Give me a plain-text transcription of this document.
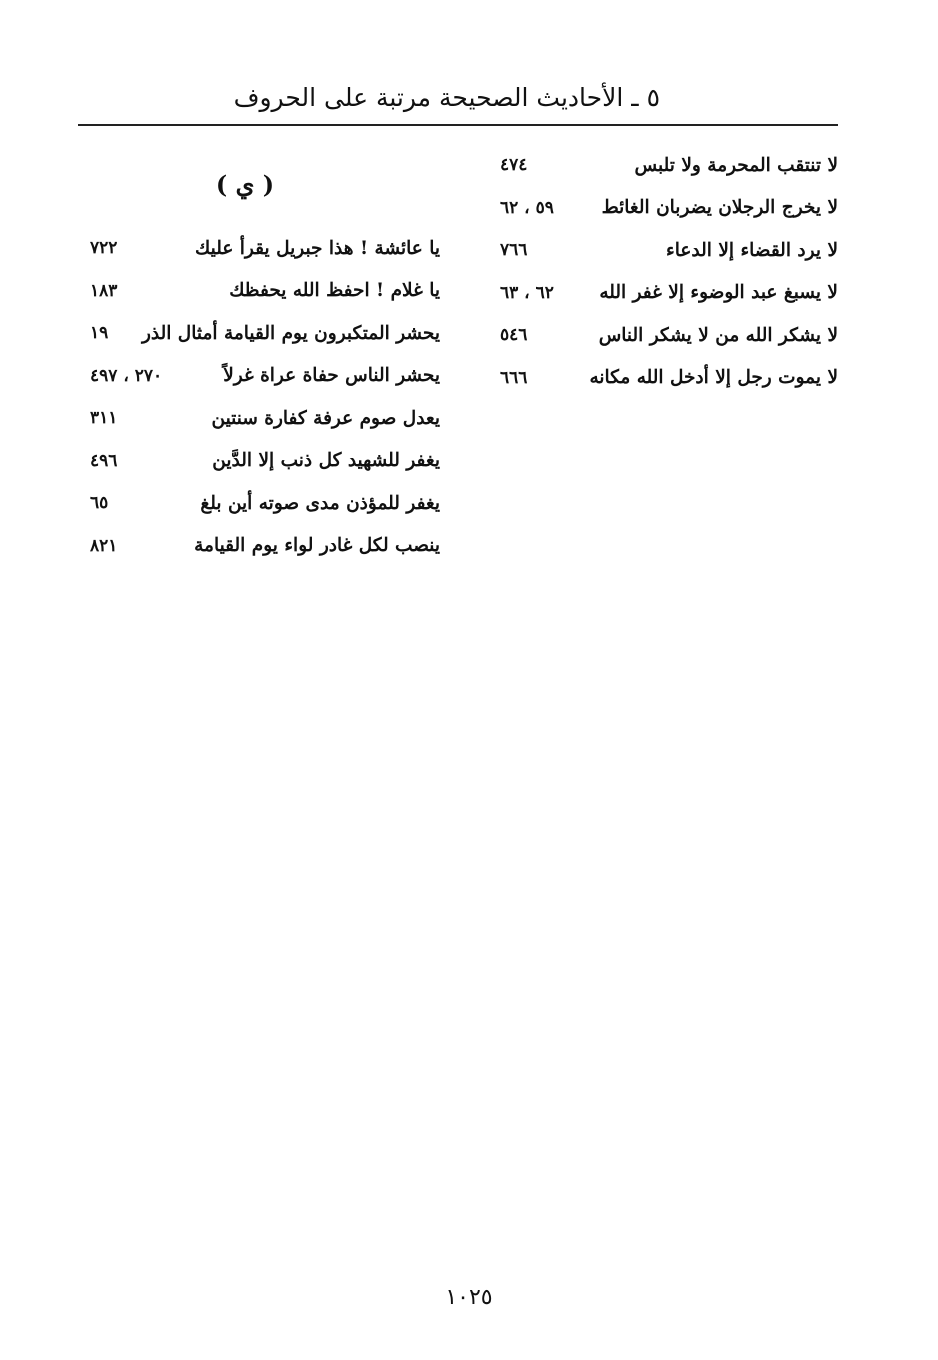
٥ ـ الأحاديث الصحيحة مرتبة على الحروف
لا تنتقب المحرمة ولا تلبس
٤٧٤
لا يخرج الرجلان يضربان الغائط
٥٩ ، ٦٢
لا يرد القضاء إلا الدعاء
٧٦٦
لا يسبغ عبد الوضوء إلا غفر الله
٦٢ ، ٦٣
لا يشكر الله من لا يشكر الناس
٥٤٦
لا يموت رجل إلا أدخل الله مكانه
٦٦٦
( ي )
يا عائشة ! هذا جبريل يقرأ عليك
٧٢٢
يا غلام ! احفظ الله يحفظك
١٨٣
يحشر المتكبرون يوم القيامة أمثال الذر
١٩
يحشر الناس حفاة عراة غرلاً
٢٧٠ ، ٤٩٧
يعدل صوم عرفة كفارة سنتين
٣١١
يغفر للشهيد كل ذنب إلا الدَّين
٤٩٦
يغفر للمؤذن مدى صوته أين بلغ
٦٥
ينصب لكل غادر لواء يوم القيامة
٨٢١
١٠٢٥
